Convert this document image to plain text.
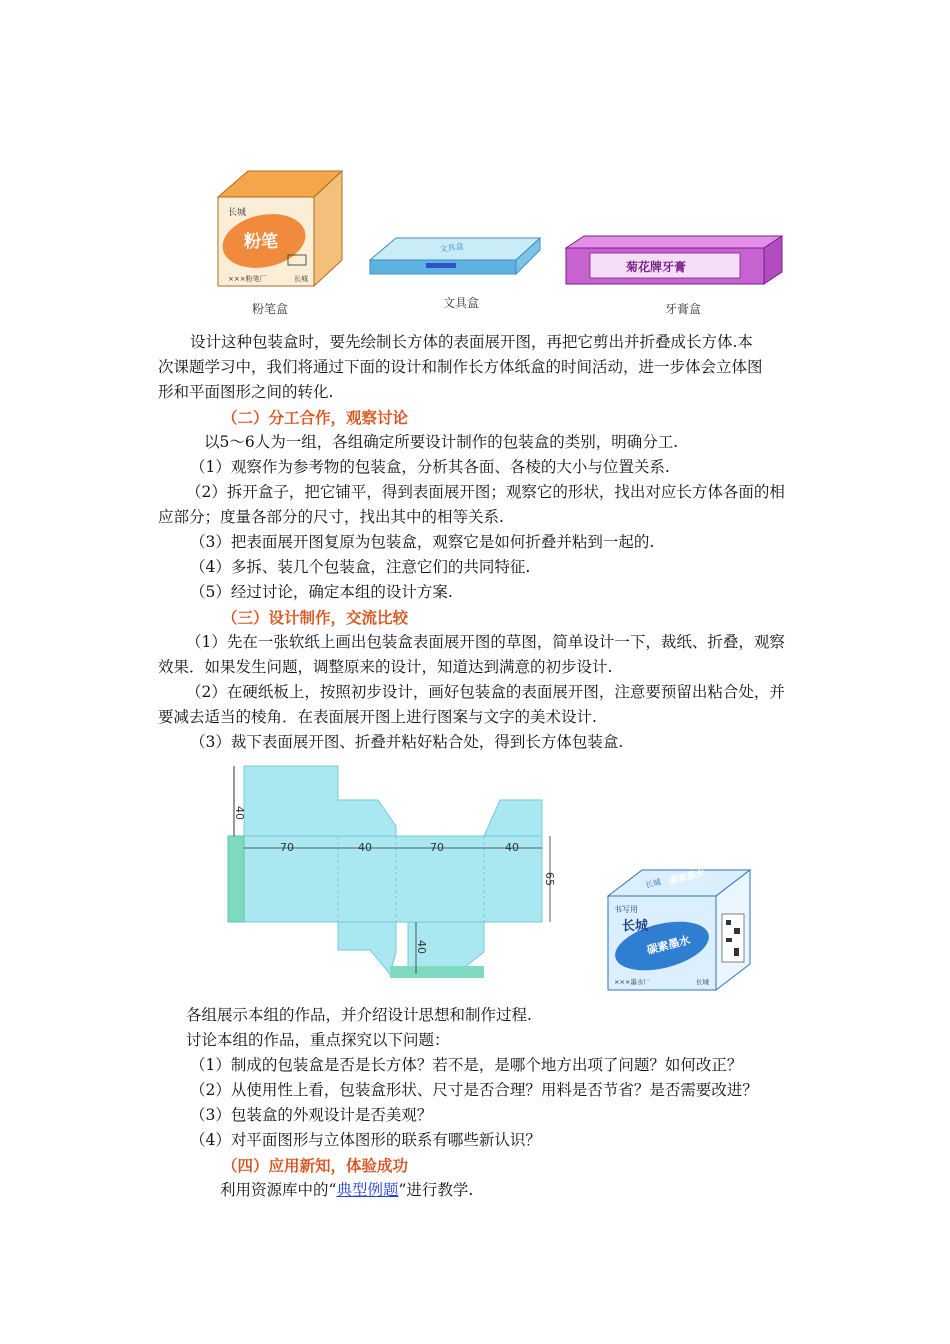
长城
粉笔
×××粉笔厂	长城
粉笔盒
文具盒
文具盒
菊花牌牙膏
牙膏盒
设计这种包装盒时，要先绘制长方体的表面展开图，再把它剪出并折叠成长方体.本
次课题学习中，我们将通过下面的设计和制作长方体纸盒的时间活动，进一步体会立体图
形和平面图形之间的转化.
（二）分工合作，观察讨论
以5～6人为一组，各组确定所要设计制作的包装盒的类别，明确分工.
（1）观察作为参考物的包装盒，分析其各面、各棱的大小与位置关系.
（2）拆开盒子，把它铺平，得到表面展开图；观察它的形状，找出对应长方体各面的相
应部分；度量各部分的尺寸，找出其中的相等关系.
（3）把表面展开图复原为包装盒，观察它是如何折叠并粘到一起的.
（4）多拆、装几个包装盒，注意它们的共同特征.
（5）经过讨论，确定本组的设计方案.
（三）设计制作，交流比较
（1）先在一张软纸上画出包装盒表面展开图的草图，简单设计一下，裁纸、折叠，观察
效果．如果发生问题，调整原来的设计，知道达到满意的初步设计.
（2）在硬纸板上，按照初步设计，画好包装盒的表面展开图，注意要预留出粘合处，并
要减去适当的棱角．在表面展开图上进行图案与文字的美术设计.
（3）裁下表面展开图、折叠并粘好粘合处，得到长方体包装盒.
40
70	40	70	40
65
40
长城 碳素墨水
书写用
长城
碳素墨水
×××墨水厂	长城
各组展示本组的作品，并介绍设计思想和制作过程.
讨论本组的作品，重点探究以下问题：
（1）制成的包装盒是否是长方体？若不是，是哪个地方出项了问题？如何改正？
（2）从使用性上看，包装盒形状、尺寸是否合理？用料是否节省？是否需要改进？
（3）包装盒的外观设计是否美观？
（4）对平面图形与立体图形的联系有哪些新认识？
（四）应用新知，体验成功
利用资源库中的“典型例题”进行教学.
